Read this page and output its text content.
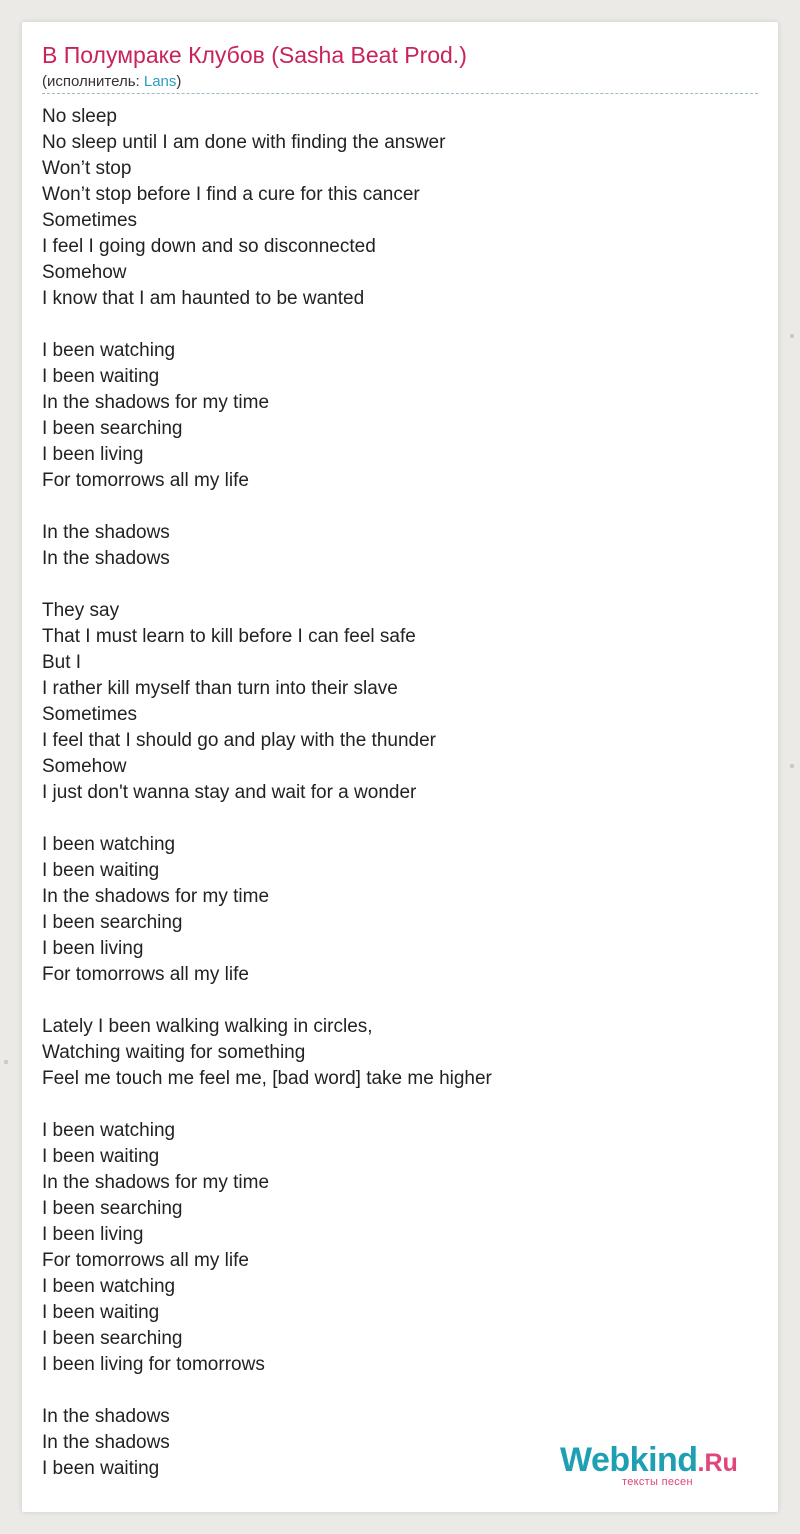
В Полумраке Клубов (Sasha Beat Prod.)
(исполнитель: Lans)
No sleep
No sleep until I am done with finding the answer
Won’t stop
Won’t stop before I find a cure for this cancer
Sometimes
I feel I going down and so disconnected
Somehow
I know that I am haunted to be wanted
I been watching
I been waiting
In the shadows for my time
I been searching
I been living
For tomorrows all my life
In the shadows
In the shadows
They say
That I must learn to kill before I can feel safe
But I
I rather kill myself than turn into their slave
Sometimes
I feel that I should go and play with the thunder
Somehow
I just don't wanna stay and wait for a wonder
I been watching
I been waiting
In the shadows for my time
I been searching
I been living
For tomorrows all my life
Lately I been walking walking in circles,
Watching waiting for something
Feel me touch me feel me, [bad word] take me higher
I been watching
I been waiting
In the shadows for my time
I been searching
I been living
For tomorrows all my life
I been watching
I been waiting
I been searching
I been living for tomorrows
In the shadows
In the shadows
I been waiting	Webkind.Ru
тексты песен
